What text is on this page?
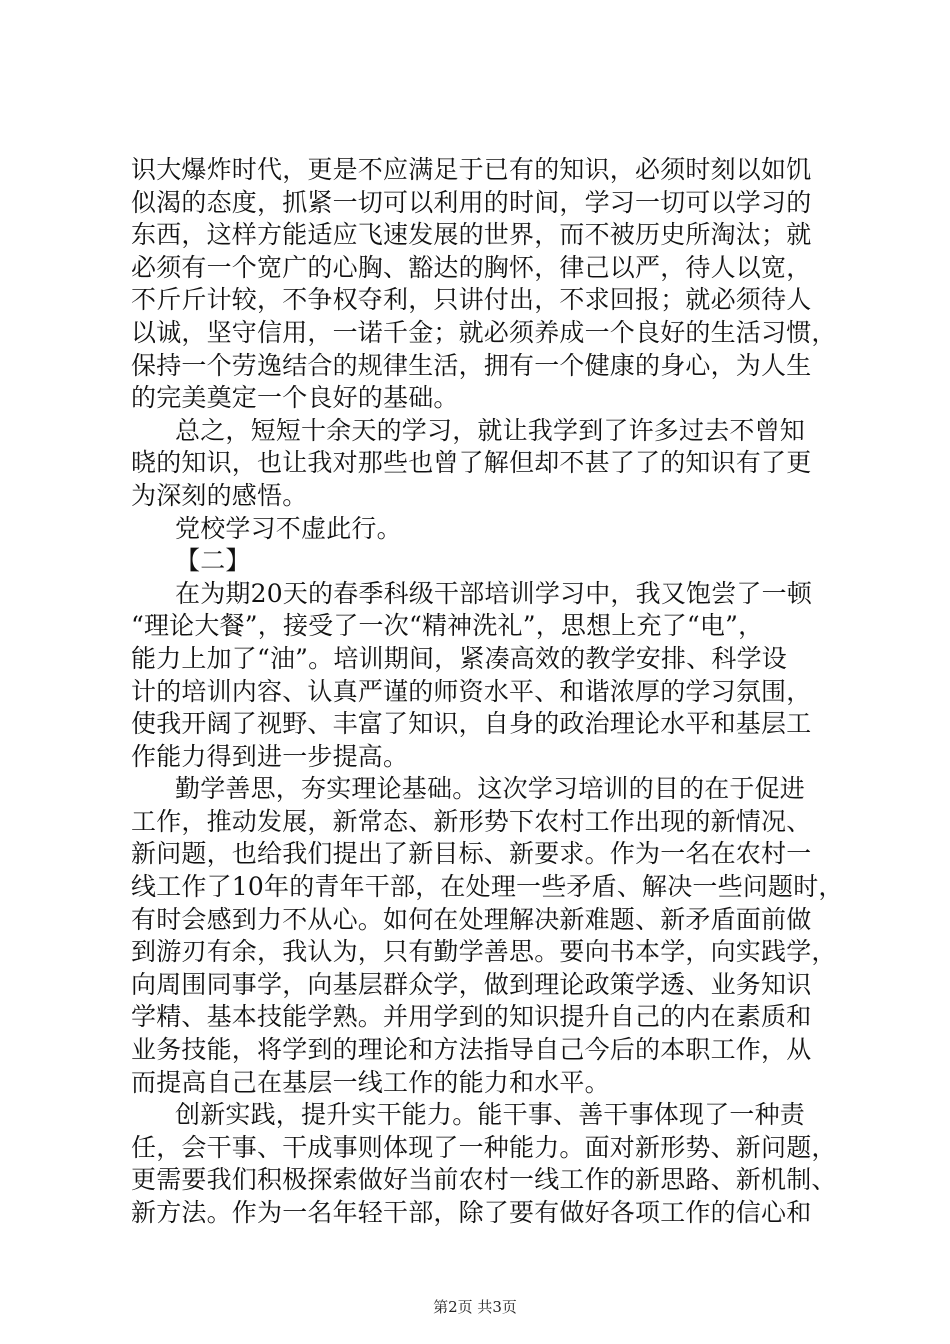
识大爆炸时代，更是不应满足于已有的知识，必须时刻以如饥
似渴的态度，抓紧一切可以利用的时间，学习一切可以学习的
东西，这样方能适应飞速发展的世界，而不被历史所淘汰；就
必须有一个宽广的心胸、豁达的胸怀，律己以严，待人以宽，
不斤斤计较，不争权夺利，只讲付出，不求回报；就必须待人
以诚，坚守信用，一诺千金；就必须养成一个良好的生活习惯，
保持一个劳逸结合的规律生活，拥有一个健康的身心，为人生
的完美奠定一个良好的基础。
总之，短短十余天的学习，就让我学到了许多过去不曾知
晓的知识，也让我对那些也曾了解但却不甚了了的知识有了更
为深刻的感悟。
党校学习不虚此行。
【二】
在为期20天的春季科级干部培训学习中，我又饱尝了一顿
“理论大餐”，接受了一次“精神洗礼”，思想上充了“电”，
能力上加了“油”。培训期间，紧凑高效的教学安排、科学设
计的培训内容、认真严谨的师资水平、和谐浓厚的学习氛围，
使我开阔了视野、丰富了知识，自身的政治理论水平和基层工
作能力得到进一步提高。
勤学善思，夯实理论基础。这次学习培训的目的在于促进
工作，推动发展，新常态、新形势下农村工作出现的新情况、
新问题，也给我们提出了新目标、新要求。作为一名在农村一
线工作了10年的青年干部，在处理一些矛盾、解决一些问题时，
有时会感到力不从心。如何在处理解决新难题、新矛盾面前做
到游刃有余，我认为，只有勤学善思。要向书本学，向实践学，
向周围同事学，向基层群众学，做到理论政策学透、业务知识
学精、基本技能学熟。并用学到的知识提升自己的内在素质和
业务技能，将学到的理论和方法指导自己今后的本职工作，从
而提高自己在基层一线工作的能力和水平。
创新实践，提升实干能力。能干事、善干事体现了一种责
任，会干事、干成事则体现了一种能力。面对新形势、新问题，
更需要我们积极探索做好当前农村一线工作的新思路、新机制、
新方法。作为一名年轻干部，除了要有做好各项工作的信心和
第2页 共3页
